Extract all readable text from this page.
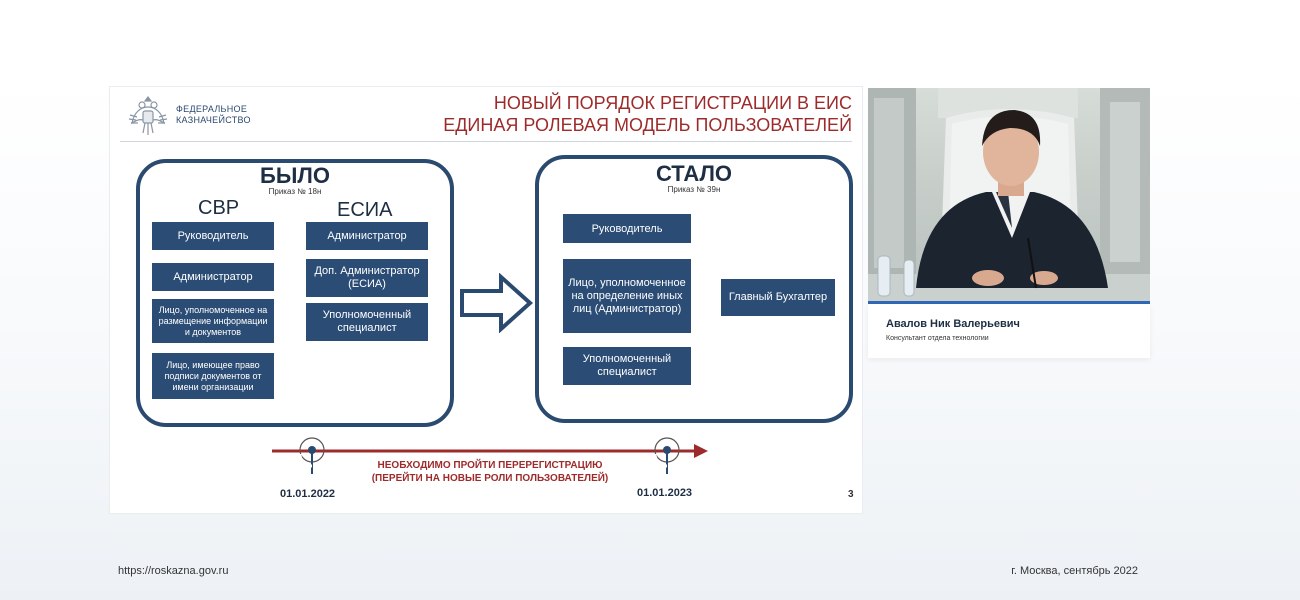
ФЕДЕРАЛЬНОЕ
КАЗНАЧЕЙСТВО
НОВЫЙ ПОРЯДОК РЕГИСТРАЦИИ В ЕИС
ЕДИНАЯ РОЛЕВАЯ МОДЕЛЬ ПОЛЬЗОВАТЕЛЕЙ
БЫЛО
Приказ № 18н
СВР	ЕСИА
Руководитель
Администратор
Лицо, уполномоченное на размещение информации и документов
Лицо, имеющее право подписи документов от имени организации
Администратор
Доп. Администратор (ЕСИА)
Уполномоченный специалист
СТАЛО
Приказ № 39н
Руководитель
Лицо, уполномоченное на определение иных лиц (Администратор)
Уполномоченный специалист
Главный Бухгалтер
НЕОБХОДИМО ПРОЙТИ ПЕРЕРЕГИСТРАЦИЮ
(ПЕРЕЙТИ НА НОВЫЕ РОЛИ ПОЛЬЗОВАТЕЛЕЙ)
01.01.2022	01.01.2023	3
Авалов Ник Валерьевич
Консультант отдела технологии
https://roskazna.gov.ru	г. Москва, сентябрь 2022
